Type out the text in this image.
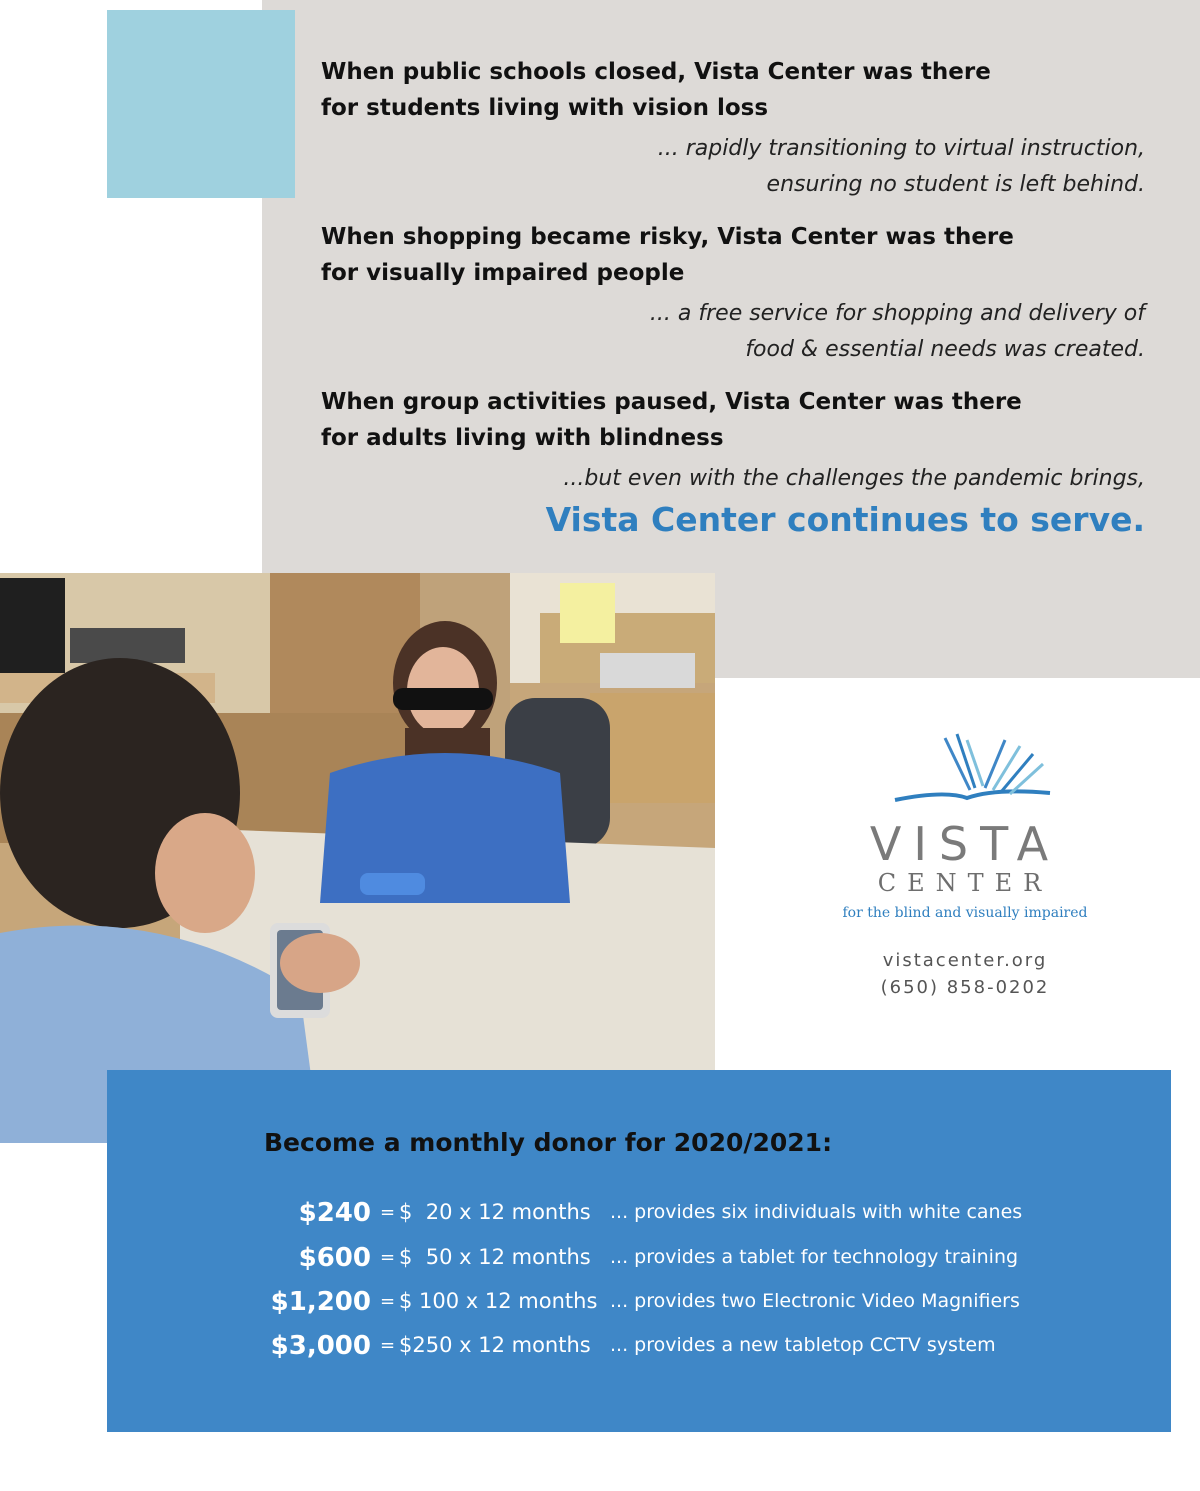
When public schools closed, Vista Center was there
for students living with vision loss

... rapidly transitioning to virtual instruction,
ensuring no student is left behind.

When shopping became risky, Vista Center was there
for visually impaired people

... a free service for shopping and delivery of
food & essential needs was created.

When group activities paused, Vista Center was there
for adults living with blindness

...but even with the challenges the pandemic brings,

Vista Center continues to serve.

VISTA
CENTER
for the blind and visually impaired
vistacenter.org
(650) 858-0202

Become a monthly donor for 2020/2021:

$240 = $  20 x 12 months ... provides six individuals with white canes
$600 = $  50 x 12 months ... provides a tablet for technology training
$1,200 = $ 100 x 12 months ... provides two Electronic Video Magnifiers
$3,000 = $250 x 12 months ... provides a new tabletop CCTV system
